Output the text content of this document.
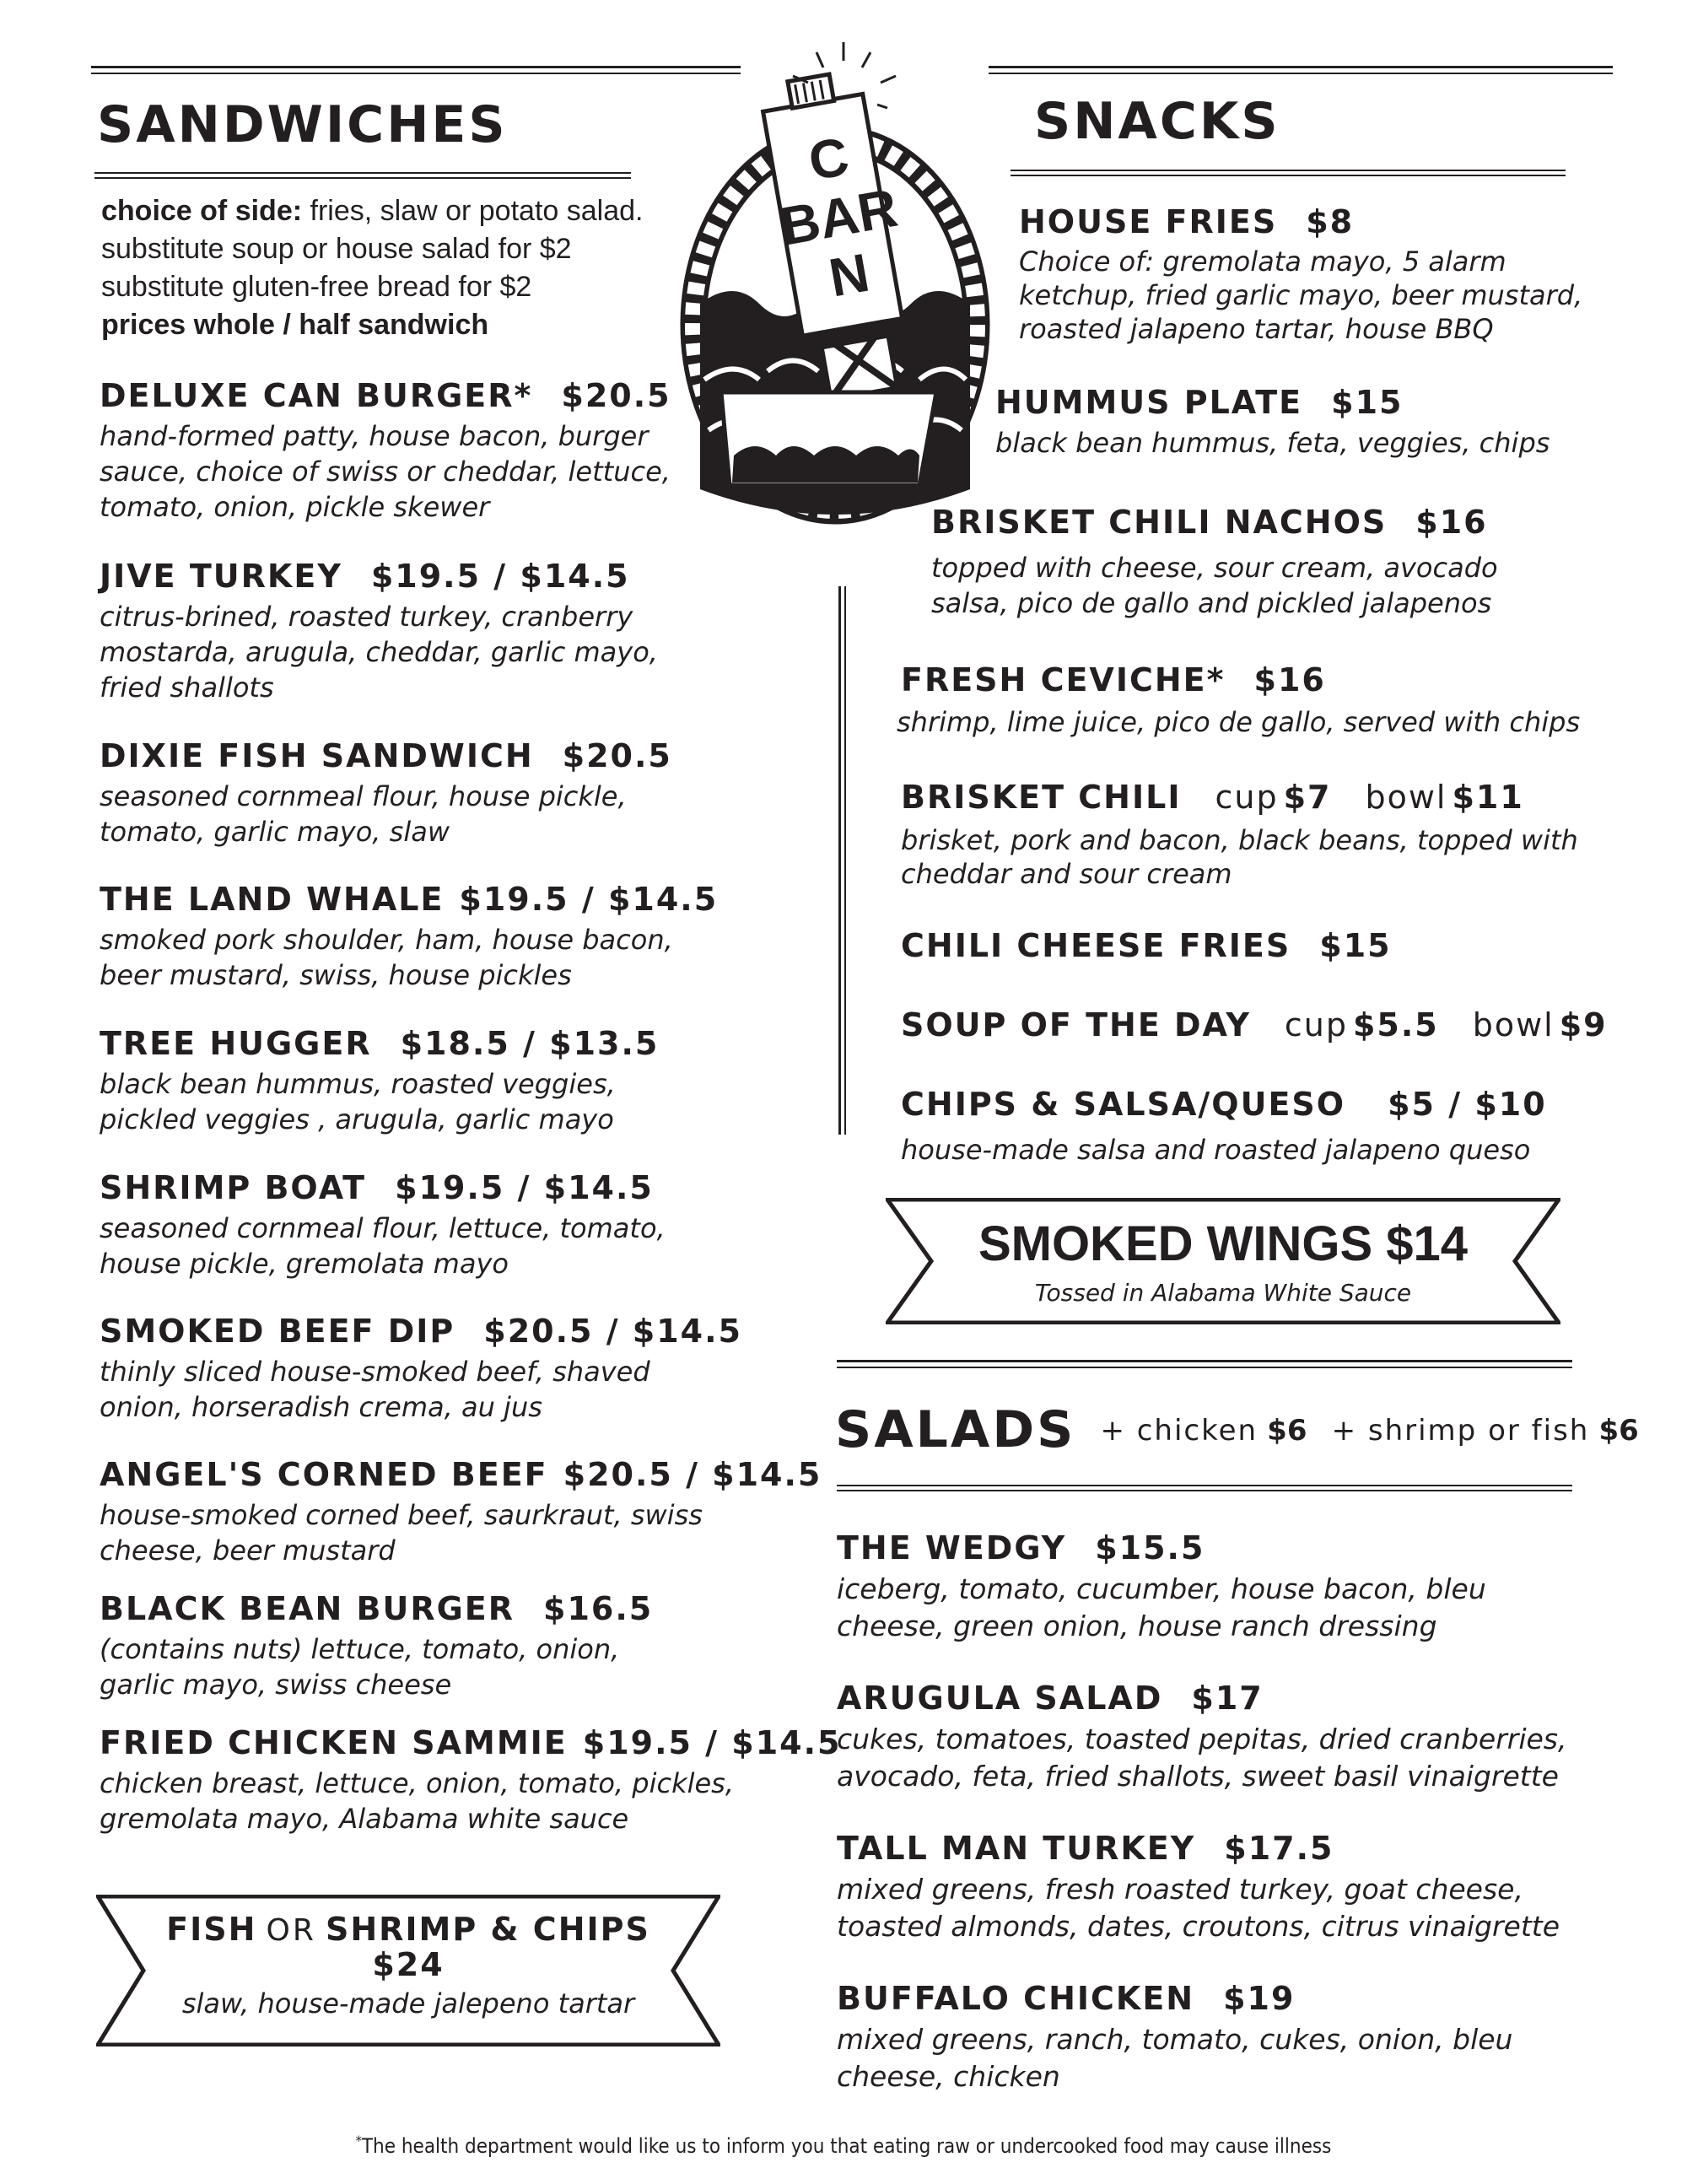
SANDWICHES
choice of side: fries, slaw or potato salad.
substitute soup or house salad for $2
substitute gluten-free bread for $2
prices whole / half sandwich
DELUXE CAN BURGER* $20.5
hand-formed patty, house bacon, burger sauce, choice of swiss or cheddar, lettuce, tomato, onion, pickle skewer
JIVE TURKEY $19.5 / $14.5
citrus-brined, roasted turkey, cranberry mostarda, arugula, cheddar, garlic mayo, fried shallots
DIXIE FISH SANDWICH $20.5
seasoned cornmeal flour, house pickle, tomato, garlic mayo, slaw
THE LAND WHALE $19.5 / $14.5
smoked pork shoulder, ham, house bacon, beer mustard, swiss, house pickles
TREE HUGGER $18.5 / $13.5
black bean hummus, roasted veggies, pickled veggies , arugula, garlic mayo
SHRIMP BOAT $19.5 / $14.5
seasoned cornmeal flour, lettuce, tomato, house pickle, gremolata mayo
SMOKED BEEF DIP $20.5 / $14.5
thinly sliced house-smoked beef, shaved onion, horseradish crema, au jus
ANGEL'S CORNED BEEF $20.5 / $14.5
house-smoked corned beef, saurkraut, swiss cheese, beer mustard
BLACK BEAN BURGER $16.5
(contains nuts) lettuce, tomato, onion, garlic mayo, swiss cheese
FRIED CHICKEN SAMMIE $19.5 / $14.5
chicken breast, lettuce, onion, tomato, pickles, gremolata mayo, Alabama white sauce
FISH OR SHRIMP & CHIPS
$24
slaw, house-made jalepeno tartar
C
BAR
N
SNACKS
HOUSE FRIES $8
Choice of: gremolata mayo, 5 alarm ketchup, fried garlic mayo, beer mustard, roasted jalapeno tartar, house BBQ
HUMMUS PLATE $15
black bean hummus, feta, veggies, chips
BRISKET CHILI NACHOS $16
topped with cheese, sour cream, avocado salsa, pico de gallo and pickled jalapenos
FRESH CEVICHE* $16
shrimp, lime juice, pico de gallo, served with chips
BRISKET CHILI cup $7 bowl $11
brisket, pork and bacon, black beans, topped with cheddar and sour cream
CHILI CHEESE FRIES $15
SOUP OF THE DAY cup $5.5 bowl $9
CHIPS & SALSA/QUESO $5 / $10
house-made salsa and roasted jalapeno queso
SMOKED WINGS $14
Tossed in Alabama White Sauce
SALADS + chicken $6 + shrimp or fish $6
THE WEDGY $15.5
iceberg, tomato, cucumber, house bacon, bleu cheese, green onion, house ranch dressing
ARUGULA SALAD $17
cukes, tomatoes, toasted pepitas, dried cranberries, avocado, feta, fried shallots, sweet basil vinaigrette
TALL MAN TURKEY $17.5
mixed greens, fresh roasted turkey, goat cheese, toasted almonds, dates, croutons, citrus vinaigrette
BUFFALO CHICKEN $19
mixed greens, ranch, tomato, cukes, onion, bleu cheese, chicken
*The health department would like us to inform you that eating raw or undercooked food may cause illness
